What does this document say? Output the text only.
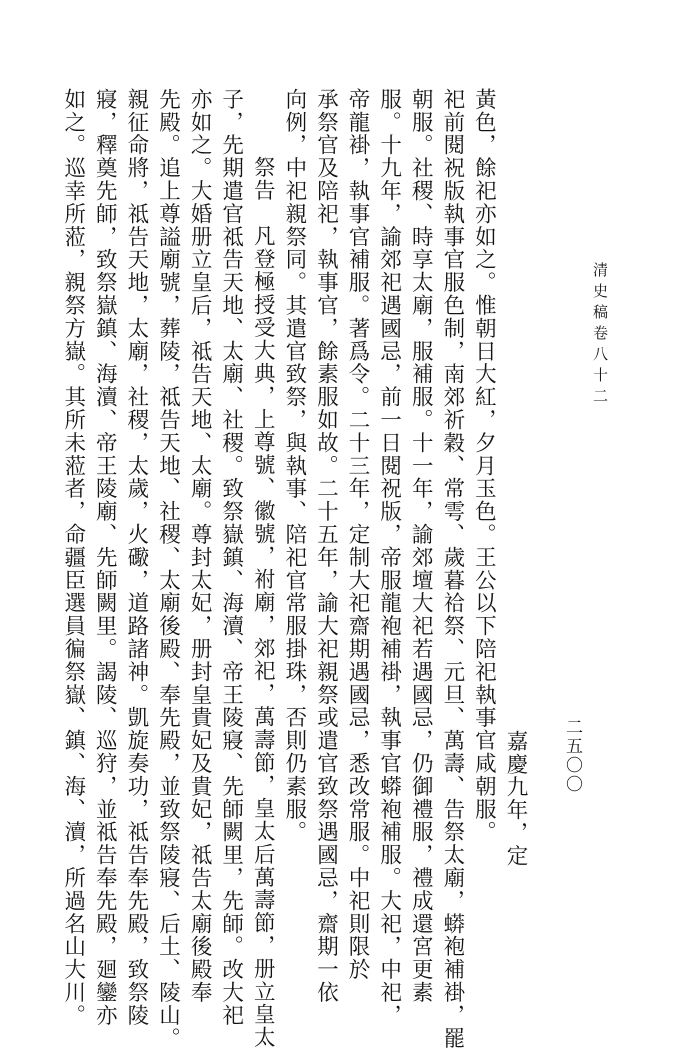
清史稿卷八十二
二五〇〇
嘉慶九年，定
黃色，餘祀亦如之。惟朝日大紅，夕月玉色。王公以下陪祀執事官咸朝服。
祀前閱祝版執事官服色制，南郊祈穀、常雩、歲暮祫祭、元旦、萬壽、告祭太廟，蟒袍補褂，罷
朝服。社稷、時享太廟，服補服。十一年，諭郊壇大祀若遇國忌，仍御禮服，禮成還宮更素
服。十九年，諭郊祀遇國忌，前一日閱祝版，帝服龍袍補褂，執事官蟒袍補服。大祀，中祀，
帝龍褂，執事官補服。著爲令。二十三年，定制大祀齋期遇國忌，悉改常服。中祀則限於
承祭官及陪祀，執事官，餘素服如故。二十五年，諭大祀親祭或遣官致祭遇國忌，齋期一依
向例，中祀親祭同。其遣官致祭，與執事、陪祀官常服掛珠，否則仍素服。
祭告　凡登極授受大典，上尊號、徽號，祔廟，郊祀，萬壽節，皇太后萬壽節，册立皇太
子，先期遣官祗告天地、太廟、社稷。致祭嶽鎮、海瀆、帝王陵寢、先師闕里，先師。改大祀
亦如之。大婚册立皇后，祗告天地、太廟。尊封太妃，册封皇貴妃及貴妃，祗告太廟後殿奉
先殿。追上尊謚廟號，葬陵，祗告天地、社稷、太廟後殿、奉先殿，並致祭陵寢、后土、陵山。
親征命將，祗告天地，太廟，社稷，太歲，火礮，道路諸神。凱旋奏功，祗告奉先殿，致祭陵
寢，釋奠先師，致祭嶽鎮、海瀆、帝王陵廟、先師闕里。謁陵、巡狩，並祗告奉先殿，廻鑾亦
如之。巡幸所蒞，親祭方嶽。其所未蒞者，命疆臣選員徧祭嶽、鎮、海、瀆，所過名山大川。
